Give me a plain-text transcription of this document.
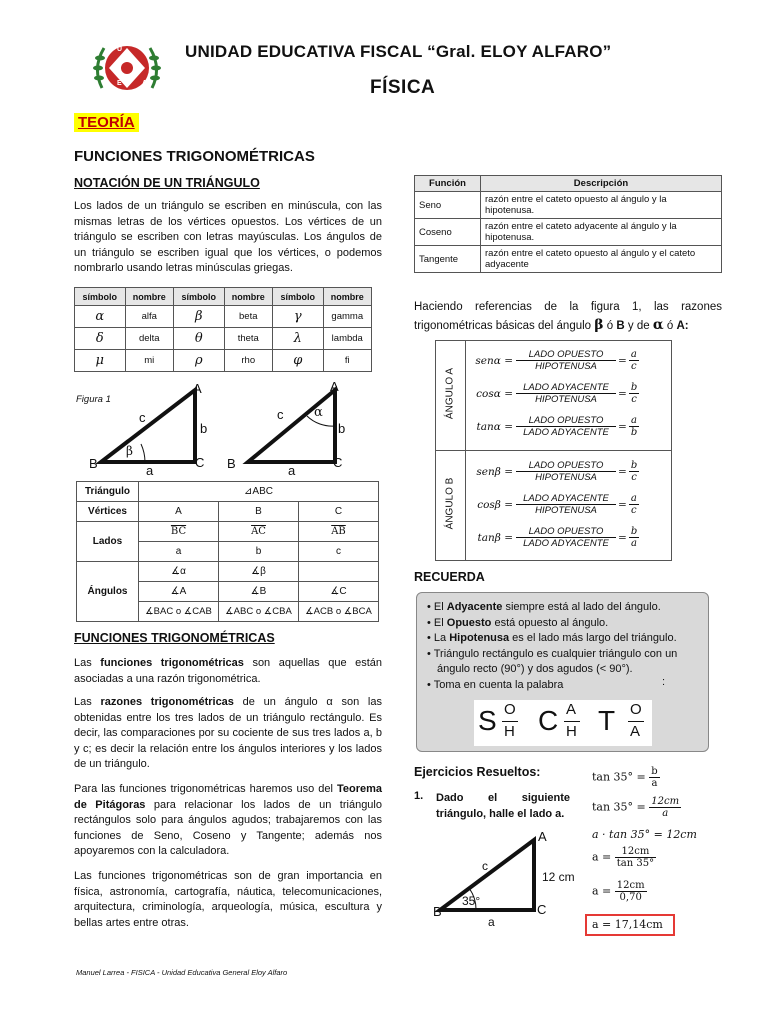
U	E
E	A
UNIDAD EDUCATIVA FISCAL “Gral. ELOY ALFARO”
FÍSICA
TEORÍA
FUNCIONES TRIGONOMÉTRICAS
NOTACIÓN DE UN TRIÁNGULO
Los lados de un triángulo se escriben en minúscula, con las mismas letras de los vértices opuestos. Los vértices de un triángulo se escriben con letras mayúsculas. Los ángulos de un triángulo se escriben igual que los vértices, o podemos nombrarlo usando letras minúsculas griegas.
símbolo	nombre	símbolo	nombre	símbolo	nombre
α	alfa	β	beta	γ	gamma
δ	delta	θ	theta	λ	lambda
μ	mi	ρ	rho	φ	fi
Figura 1
A
B	C
c
b
a
β
A
B	C
c
b
a
α
Triángulo	⊿ABC		
Vértices	A	B	C
Lados	$\overline{BC}$	$\overline{AC}$	$\overline{AB}$
	a	b	c
Ángulos	∡α	∡β	
	∡A	∡B	∡C
	∡BAC o ∡CAB	∡ABC o ∡CBA	∡ACB o ∡BCA
FUNCIONES TRIGONOMÉTRICAS
Las funciones trigonométricas son aquellas que están asociadas a una razón trigonométrica.
Las razones trigonométricas de un ángulo α son las obtenidas entre los tres lados de un triángulo rectángulo. Es decir, las comparaciones por su cociente de sus tres lados a, b y c; es decir la relación entre los ángulos interiores y los lados de un triángulo.
Para las funciones trigonométricas haremos uso del Teorema de Pitágoras para relacionar los lados de un triángulo rectángulos solo para ángulos agudos; trabajaremos con las funciones de Seno, Coseno y Tangente; además nos apoyaremos con la calculadora.
Las funciones trigonométricas son de gran importancia en física, astronomía, cartografía, náutica, telecomunicaciones, arquitectura, criminología, arqueología, música, escultura y bellas artes entre otras.
Función	Descripción
Seno	razón entre el cateto opuesto al ángulo y la hipotenusa.
Coseno	razón entre el cateto adyacente al ángulo y la hipotenusa.
Tangente	razón entre el cateto opuesto al ángulo y el cateto adyacente
Haciendo referencias de la figura 1, las razones trigonométricas básicas del ángulo β ó B y de α ó A:
ÁNGULO A
ÁNGULO B
$sen\alpha = \frac{\text{LADO OPUESTO}}{\text{HIPOTENUSA}} = \frac{a}{c}$
$\cos\alpha = \frac{\text{LADO ADYACENTE}}{\text{HIPOTENUSA}} = \frac{b}{c}$
$\tan\alpha = \frac{\text{LADO OPUESTO}}{\text{LADO ADYACENTE}} = \frac{a}{b}$
$sen\beta = \frac{\text{LADO OPUESTO}}{\text{HIPOTENUSA}} = \frac{b}{c}$
$\cos\beta = \frac{\text{LADO ADYACENTE}}{\text{HIPOTENUSA}} = \frac{a}{c}$
$\tan\beta = \frac{\text{LADO OPUESTO}}{\text{LADO ADYACENTE}} = \frac{b}{a}$
RECUERDA
• El Adyacente siempre está al lado del ángulo.
• El Opuesto está opuesto al ángulo.
• La Hipotenusa es el lado más largo del triángulo.
• Triángulo rectángulo es cualquier triángulo con un ángulo recto (90°) y dos agudos (< 90°).
• Toma en cuenta la palabra	:
S O
H C A
H T O
A
Ejercicios Resueltos:
1. Dado el siguiente triángulo, halle el lado a.
A
B	C
c
a
12 cm
35°
$\tan 35^\circ = \frac{b}{a}$
$\tan 35^\circ = \frac{12cm}{a}$
a · tan 35° = 12cm
$a = \frac{12cm}{\tan 35^\circ}$
$a = \frac{12cm}{0,70}$
a = 17,14cm
Manuel Larrea - FISICA - Unidad Educativa General Eloy Alfaro
